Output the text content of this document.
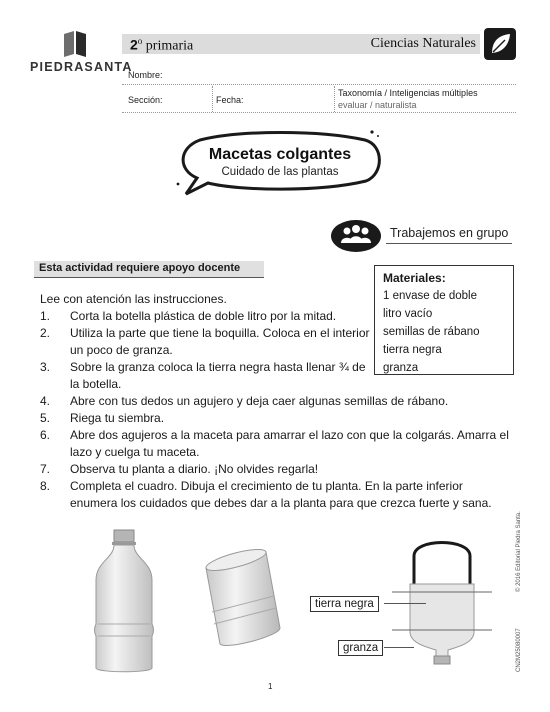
PIEDRASANTA
2$^o$ primaria	Ciencias Naturales
Nombre:
Sección:	Fecha:
Taxonomía / Inteligencias múltiples
evaluar / naturalista
Macetas colgantes
Cuidado de las plantas
Trabajemos en grupo
Esta actividad requiere apoyo docente
Materiales:
1 envase de doble
litro vacío
semillas de rábano
tierra negra
granza
Lee con atención las instrucciones.
1.	Corta la botella plástica de doble litro por la mitad.
2.	Utiliza la parte que tiene la boquilla. Coloca en el interior un poco de granza.
3.	Sobre la granza coloca la tierra negra hasta llenar ¾ de la botella.
4.	Abre con tus dedos un agujero y deja caer algunas semillas de rábano.
5.	Riega tu siembra.
6.	Abre dos agujeros a la maceta para amarrar el lazo con que la colgarás. Amarra el lazo y cuelga tu maceta.
7.	Observa tu planta a diario. ¡No olvides regarla!
8.	Completa el cuadro. Dibuja el crecimiento de tu planta. En la parte inferior enumera los cuidados que debes dar a la planta para que crezca fuerte y sana.
tierra negra
granza
1
© 2016 Editorial Piedra Santa.
CN2M25080007
